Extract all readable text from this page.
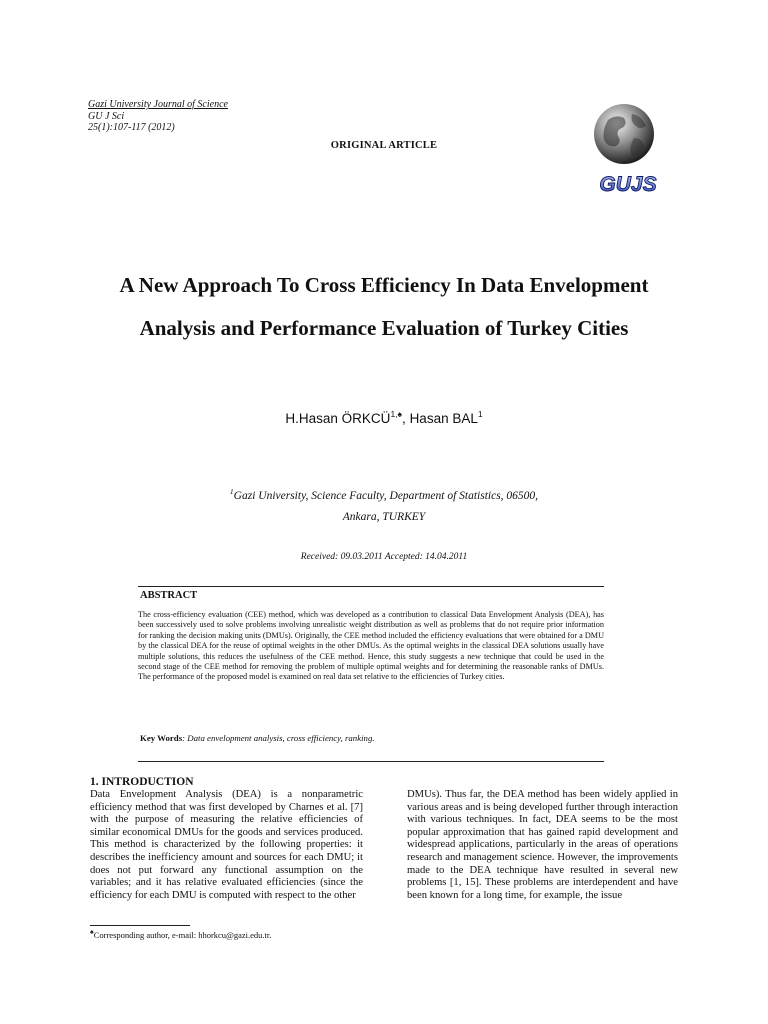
Gazi University Journal of Science
GU J Sci
25(1):107-117 (2012)
ORIGINAL ARTICLE
GUJS
A New Approach To Cross Efficiency In Data Envelopment Analysis and Performance Evaluation of Turkey Cities
H.Hasan $ÖRKCÜ^{1,♠}$, Hasan BAL$^1$
$^1$Gazi University, Science Faculty, Department of Statistics, 06500,
Ankara, TURKEY
Received: 09.03.2011 Accepted: 14.04.2011
ABSTRACT
The cross-efficiency evaluation (CEE) method, which was developed as a contribution to classical Data Envelopment Analysis (DEA), has been successively used to solve problems involving unrealistic weight distribution as well as problems that do not require prior information for ranking the decision making units (DMUs). Originally, the CEE method included the efficiency evaluations that were obtained for a DMU by the classical DEA for the reuse of optimal weights in the other DMUs. As the optimal weights in the classical DEA solutions usually have multiple solutions, this reduces the usefulness of the CEE method. Hence, this study suggests a new technique that could be used in the second stage of the CEE method for removing the problem of multiple optimal weights and for determining the reasonable ranks of DMUs. The performance of the proposed model is examined on real data set relative to the efficiencies of Turkey cities.
Key Words: Data envelopment analysis, cross efficiency, ranking.
1. INTRODUCTION
Data Envelopment Analysis (DEA) is a nonparametric efficiency method that was first developed by Charnes et al. [7] with the purpose of measuring the relative efficiencies of similar economical DMUs for the goods and services produced. This method is characterized by the following properties: it describes the inefficiency amount and sources for each DMU; it does not put forward any functional assumption on the variables; and it has relative evaluated efficiencies (since the efficiency for each DMU is computed with respect to the other
DMUs). Thus far, the DEA method has been widely applied in various areas and is being developed further through interaction with various techniques. In fact, DEA seems to be the most popular approximation that has gained rapid development and widespread applications, particularly in the areas of operations research and management science. However, the improvements made to the DEA technique have resulted in several new problems [1, 15]. These problems are interdependent and have been known for a long time, for example, the issue
♠Corresponding author, e-mail: hhorkcu@gazi.edu.tr.
